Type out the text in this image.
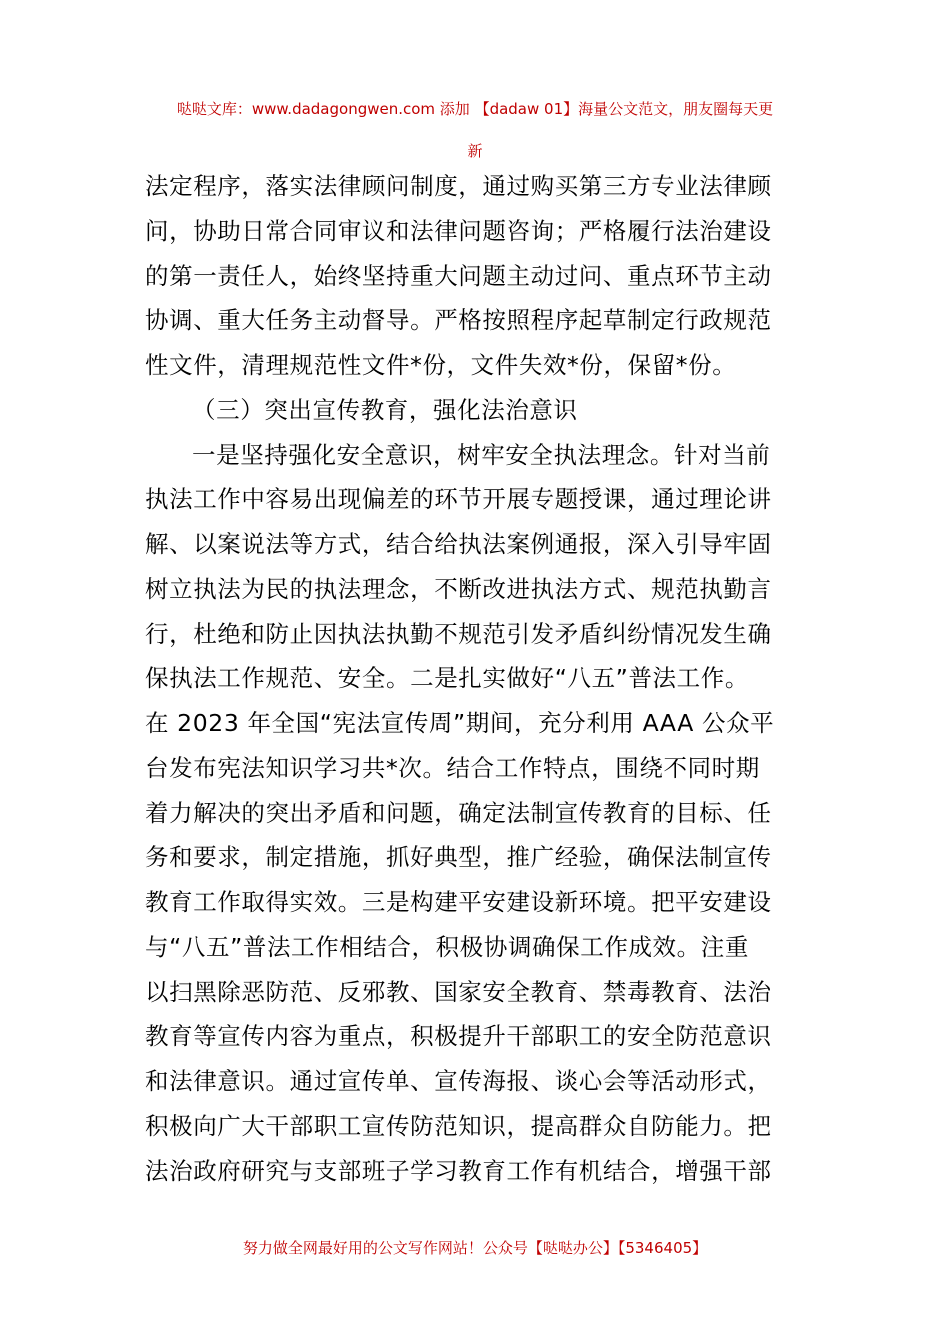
哒哒文库：www.dadagongwen.com 添加 【dadaw 01】海量公文范文，朋友圈每天更
新
法定程序，落实法律顾问制度，通过购买第三方专业法律顾
问，协助日常合同审议和法律问题咨询；严格履行法治建设
的第一责任人，始终坚持重大问题主动过问、重点环节主动
协调、重大任务主动督导。严格按照程序起草制定行政规范
性文件，清理规范性文件*份，文件失效*份，保留*份。
（三）突出宣传教育，强化法治意识
一是坚持强化安全意识，树牢安全执法理念。针对当前
执法工作中容易出现偏差的环节开展专题授课，通过理论讲
解、以案说法等方式，结合给执法案例通报，深入引导牢固
树立执法为民的执法理念，不断改进执法方式、规范执勤言
行，杜绝和防止因执法执勤不规范引发矛盾纠纷情况发生确
保执法工作规范、安全。二是扎实做好“八五”普法工作。
在 2023 年全国“宪法宣传周”期间，充分利用 AAA 公众平
台发布宪法知识学习共*次。结合工作特点，围绕不同时期
着力解决的突出矛盾和问题，确定法制宣传教育的目标、任
务和要求，制定措施，抓好典型，推广经验，确保法制宣传
教育工作取得实效。三是构建平安建设新环境。把平安建设
与“八五”普法工作相结合，积极协调确保工作成效。注重
以扫黑除恶防范、反邪教、国家安全教育、禁毒教育、法治
教育等宣传内容为重点，积极提升干部职工的安全防范意识
和法律意识。通过宣传单、宣传海报、谈心会等活动形式，
积极向广大干部职工宣传防范知识，提高群众自防能力。把
法治政府研究与支部班子学习教育工作有机结合，增强干部
努力做全网最好用的公文写作网站！公众号【哒哒办公】【5346405】
